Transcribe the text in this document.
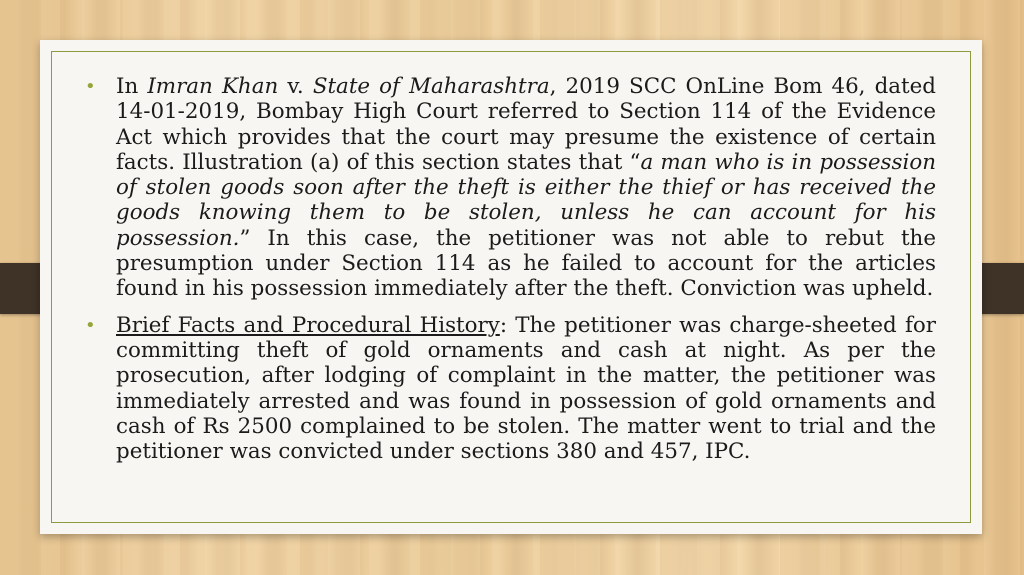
• In Imran Khan v. State of Maharashtra, 2019 SCC OnLine Bom 46, dated 14-01-2019, Bombay High Court referred to Section 114 of the Evidence Act which provides that the court may presume the existence of certain facts. Illustration (a) of this section states that “a man who is in possession of stolen goods soon after the theft is either the thief or has received the goods knowing them to be stolen, unless he can account for his possession.” In this case, the petitioner was not able to rebut the presumption under Section 114 as he failed to account for the articles found in his possession immediately after the theft. Conviction was upheld.
• Brief Facts and Procedural History: The petitioner was charge-sheeted for committing theft of gold ornaments and cash at night. As per the prosecution, after lodging of complaint in the matter, the petitioner was immediately arrested and was found in possession of gold ornaments and cash of Rs 2500 complained to be stolen. The matter went to trial and the petitioner was convicted under sections 380 and 457, IPC.
